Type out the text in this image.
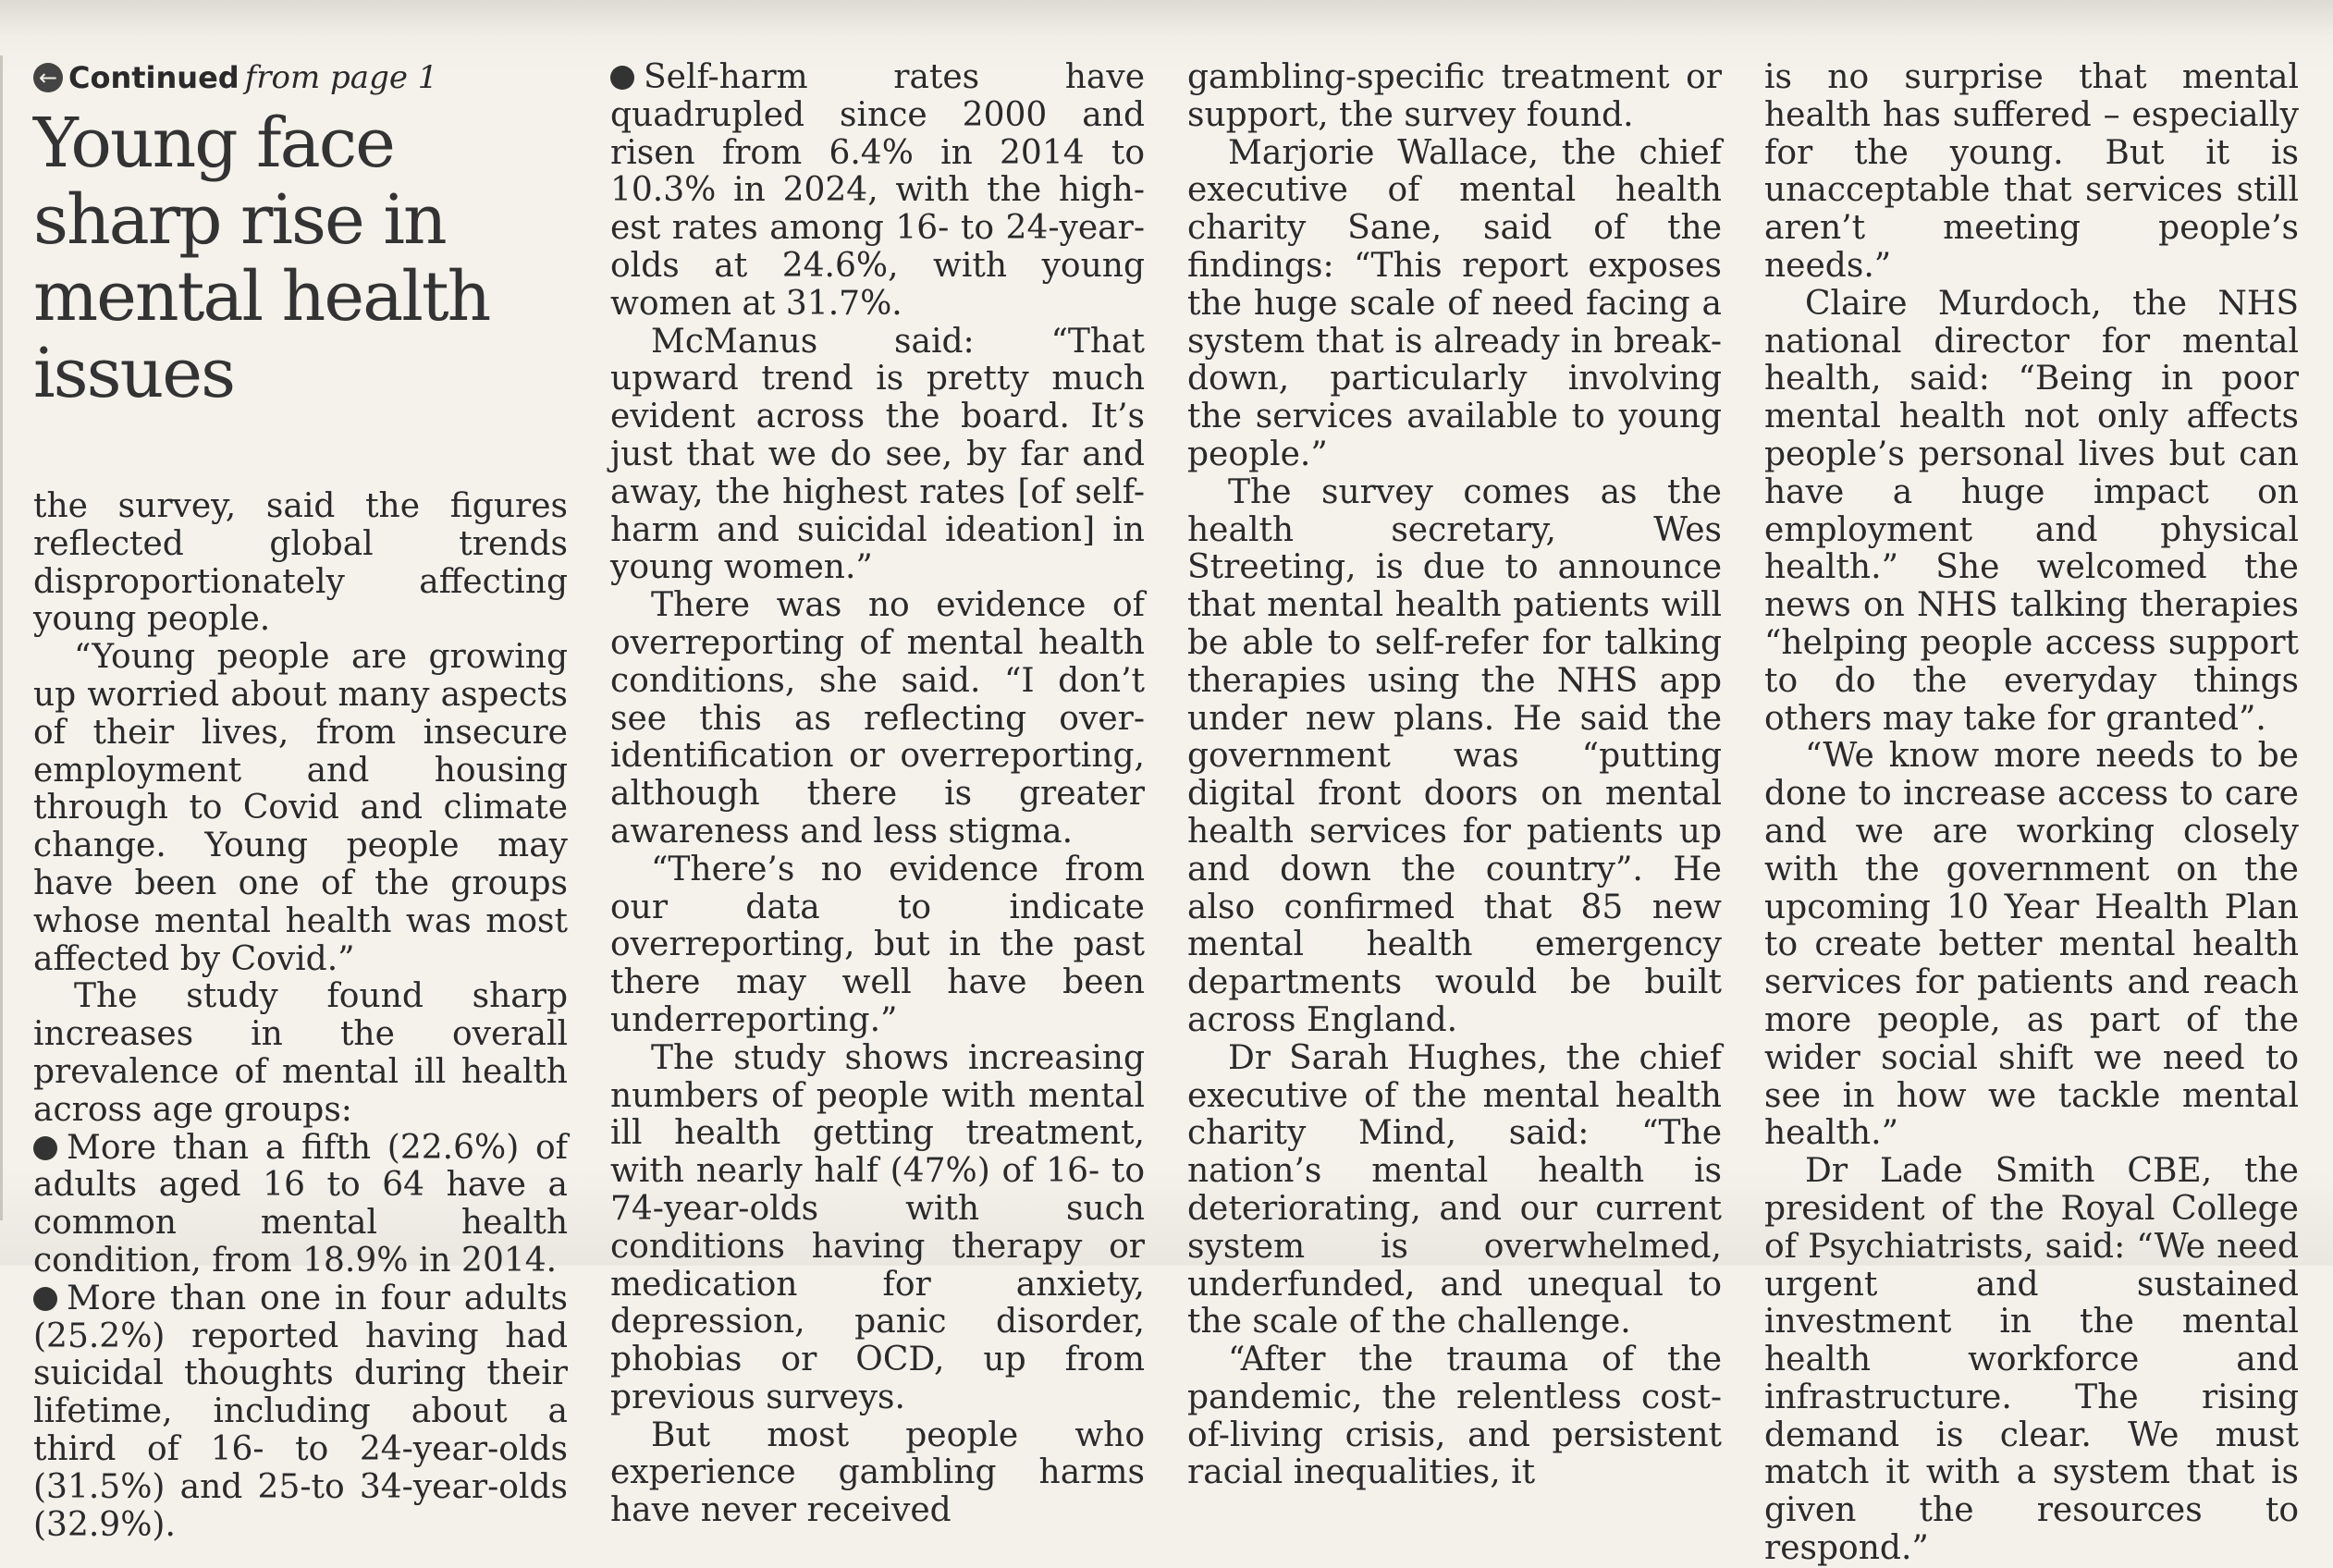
← Continued from page 1
Young face sharp rise in mental health issues

the survey, said the figures reflected global trends disproportionately affecting young people.

“Young people are growing up worried about many aspects of their lives, from insecure employment and housing through to Covid and climate change. Young people may have been one of the groups whose mental health was most affected by Covid.”

The study found sharp increases in the overall prevalence of mental ill health across age groups:

More than a fifth (22.6%) of adults aged 16 to 64 have a common mental health condition, from 18.9% in 2014.

More than one in four adults (25.2%) reported having had suicidal thoughts during their lifetime, including about a third of 16- to 24-year-olds (31.5%) and 25-to 34-year-olds (32.9%).

Self-harm rates have quadrupled since 2000 and risen from 6.4% in 2014 to 10.3% in 2024, with the highest rates among 16- to 24-year-olds at 24.6%, with young women at 31.7%.

McManus said: “That upward trend is pretty much evident across the board. It’s just that we do see, by far and away, the highest rates [of self-harm and suicidal ideation] in young women.”

There was no evidence of overreporting of mental health conditions, she said. “I don’t see this as reflecting over-identification or overreporting, although there is greater awareness and less stigma.

“There’s no evidence from our data to indicate overreporting, but in the past there may well have been underreporting.”

The study shows increasing numbers of people with mental ill health getting treatment, with nearly half (47%) of 16- to 74-year-olds with such conditions having therapy or medication for anxiety, depression, panic disorder, phobias or OCD, up from previous surveys.

But most people who experience gambling harms have never received

gambling-specific treatment or support, the survey found.

Marjorie Wallace, the chief executive of mental health charity Sane, said of the findings: “This report exposes the huge scale of need facing a system that is already in breakdown, particularly involving the services available to young people.”

The survey comes as the health secretary, Wes Streeting, is due to announce that mental health patients will be able to self-refer for talking therapies using the NHS app under new plans. He said the government was “putting digital front doors on mental health services for patients up and down the country”. He also confirmed that 85 new mental health emergency departments would be built across England.

Dr Sarah Hughes, the chief executive of the mental health charity Mind, said: “The nation’s mental health is deteriorating, and our current system is overwhelmed, underfunded, and unequal to the scale of the challenge.

“After the trauma of the pandemic, the relentless cost-of-living crisis, and persistent racial inequalities, it

is no surprise that mental health has suffered – especially for the young. But it is unacceptable that services still aren’t meeting people’s needs.”

Claire Murdoch, the NHS national director for mental health, said: “Being in poor mental health not only affects people’s personal lives but can have a huge impact on employment and physical health.” She welcomed the news on NHS talking therapies “helping people access support to do the everyday things others may take for granted”.

“We know more needs to be done to increase access to care and we are working closely with the government on the upcoming 10 Year Health Plan to create better mental health services for patients and reach more people, as part of the wider social shift we need to see in how we tackle mental health.”

Dr Lade Smith CBE, the president of the Royal College of Psychiatrists, said: “We need urgent and sustained investment in the mental health workforce and infrastructure. The rising demand is clear. We must match it with a system that is given the resources to respond.”
